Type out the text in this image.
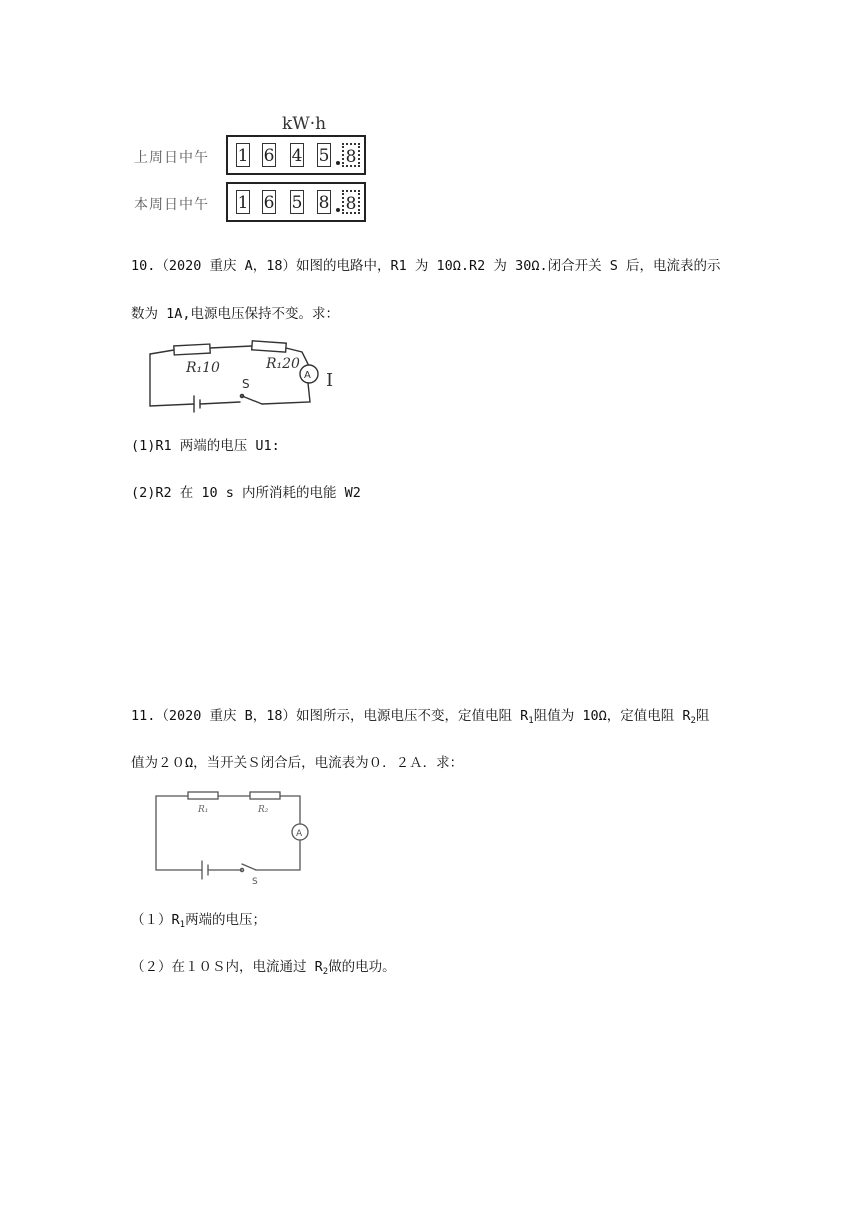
kW·h
上周日中午 1 6 4 5 8
本周日中午 1 6 5 8 8
10.（2020 重庆 A，18）如图的电路中，R1 为 10Ω.R2 为 30Ω.闭合开关 S 后，电流表的示
数为 1A,电源电压保持不变。求：
R₁10	R₁20
A
S	I
(1)R1 两端的电压 U1:
(2)R2 在 10 s 内所消耗的电能 W2
11.（2020 重庆 B，18）如图所示，电源电压不变，定值电阻 $R_1$阻值为 10Ω，定值电阻 $R_2$阻
值为２０Ω，当开关Ｓ闭合后，电流表为０．２Ａ．求：
R₁	R₂
A
S
$(1)R_1$两端的电压；
（２）在１０Ｓ内，电流通过 $R_2$做的电功。
